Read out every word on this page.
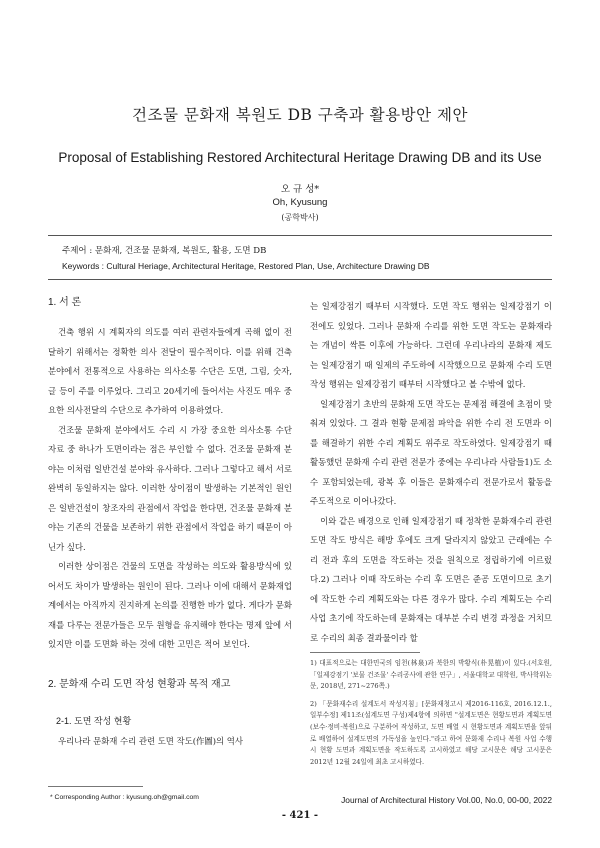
건조물 문화재 복원도 DB 구축과 활용방안 제안
Proposal of Establishing Restored Architectural Heritage Drawing DB and its Use
오 규 성*
Oh, Kyusung
(공학박사)
주제어 : 문화재, 건조물 문화재, 복원도, 활용, 도면 DB
Keywords : Cultural Heriage, Architectural Heritage, Restored Plan, Use, Architecture Drawing DB
1. 서 론

건축 행위 시 계획자의 의도를 여러 관련자들에게 곡해 없이 전달하기 위해서는 정확한 의사 전달이 필수적이다. 이를 위해 건축 분야에서 전통적으로 사용하는 의사소통 수단은 도면, 그림, 숫자, 글 등이 주를 이루었다. 그리고 20세기에 들어서는 사진도 매우 중요한 의사전달의 수단으로 추가하여 이용하였다.

건조물 문화재 분야에서도 수리 시 가장 중요한 의사소통 수단 자료 중 하나가 도면이라는 점은 부인할 수 없다. 건조물 문화재 분야는 이처럼 일반건설 분야와 유사하다. 그러나 그렇다고 해서 서로 완벽히 동일하지는 않다. 이러한 상이점이 발생하는 기본적인 원인은 일반건설이 창조자의 관점에서 작업을 한다면, 건조물 문화재 분야는 기존의 건물을 보존하기 위한 관점에서 작업을 하기 때문이 아닌가 싶다.

이러한 상이점은 건물의 도면을 작성하는 의도와 활용방식에 있어서도 차이가 발생하는 원인이 된다. 그러나 이에 대해서 문화재업계에서는 아직까지 진지하게 논의를 진행한 바가 없다. 게다가 문화재를 다루는 전문가들은 모두 원형을 유지해야 한다는 명제 앞에 서 있지만 이를 도면화 하는 것에 대한 고민은 적어 보인다.

2. 문화재 수리 도면 작성 현황과 목적 재고
2-1. 도면 작성 현황

우리나라 문화재 수리 관련 도면 작도(作圖)의 역사

* Corresponding Author : kyusung.oh@gmail.com

는 일제강점기 때부터 시작했다. 도면 작도 행위는 일제강점기 이전에도 있었다. 그러나 문화재 수리를 위한 도면 작도는 문화재라는 개념이 싹튼 이후에 가능하다. 그런데 우리나라의 문화재 제도는 일제강점기 때 일제의 주도하에 시작했으므로 문화재 수리 도면 작성 행위는 일제강점기 때부터 시작했다고 볼 수밖에 없다.

일제강점기 초반의 문화재 도면 작도는 문제점 해결에 초점이 맞춰져 있었다. 그 결과 현황 문제점 파악을 위한 수리 전 도면과 이를 해결하기 위한 수리 계획도 위주로 작도하였다. 일제강점기 때 활동했던 문화재 수리 관련 전문가 중에는 우리나라 사람들1)도 소수 포함되었는데, 광복 후 이들은 문화재수리 전문가로서 활동을 주도적으로 이어나갔다.

이와 같은 배경으로 인해 일제강점기 때 정착한 문화재수리 관련 도면 작도 방식은 해방 후에도 크게 달라지지 않았고 근래에는 수리 전과 후의 도면을 작도하는 것을 원칙으로 정립하기에 이르렀다.2) 그러나 이때 작도하는 수리 후 도면은 준공 도면이므로 초기에 작도한 수리 계획도와는 다른 경우가 많다. 수리 계획도는 수리 사업 초기에 작도하는데 문화재는 대부분 수리 변경 과정을 거치므로 수리의 최종 결과물이라 할

1) 대표적으로는 대한민국의 임천(林泉)과 북한의 박황식(朴晃植)이 있다.(서호원, 「일제강점기 '보물 건조물' 수리공사에 관한 연구」, 서울대학교 대학원, 박사학위논문, 2018년, 271~276쪽.)

2) 「문화재수리 설계도서 작성지침」[문화재청고시 제2016-116호, 2016.12.1., 일부수정] 제11조(설계도면 구성)제4항에 의하면 "설계도면은 현황도면과 계획도면(보수·정비·복원)으로 구분하여 작성하고, 도면 배열 시 현황도면과 계획도면을 앞뒤로 배열하여 설계도면의 가독성을 높인다."라고 하여 문화재 수리나 복원 사업 수행 시 현황 도면과 계획도면을 작도하도록 고시하였고 해당 고시문은 해당 고시문은 2012년 12월 24일에 최초 고시하였다.

Journal of Architectural History Vol.00, No.0, 00-00, 2022
- 421 -
